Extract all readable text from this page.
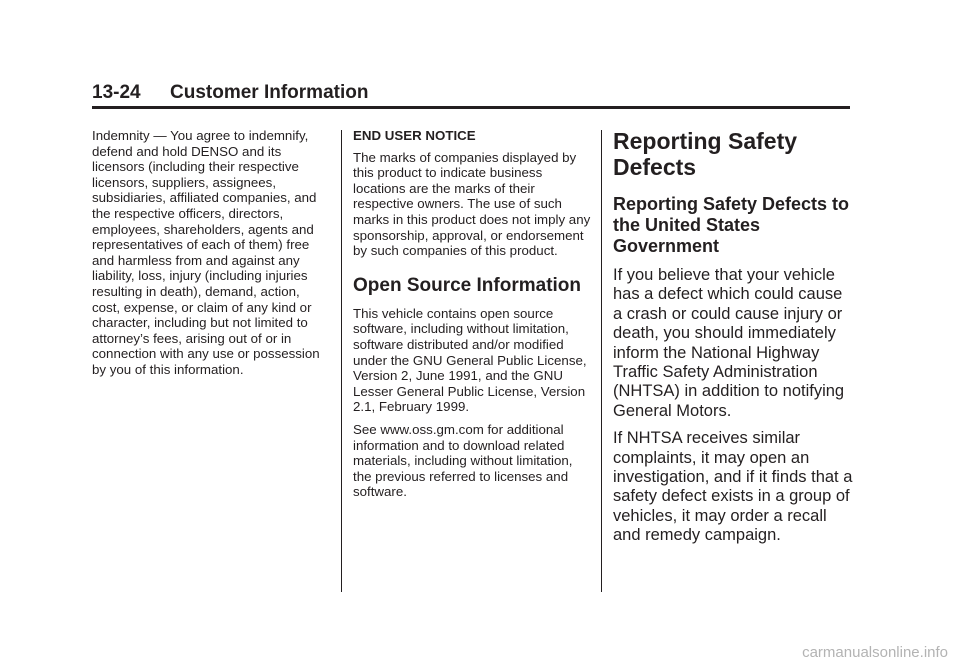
13-24 Customer Information

Indemnity — You agree to indemnify, defend and hold DENSO and its licensors (including their respective licensors, suppliers, assignees, subsidiaries, affiliated companies, and the respective officers, directors, employees, shareholders, agents and representatives of each of them) free and harmless from and against any liability, loss, injury (including injuries resulting in death), demand, action, cost, expense, or claim of any kind or character, including but not limited to attorney’s fees, arising out of or in connection with any use or possession by you of this information.

END USER NOTICE

The marks of companies displayed by this product to indicate business locations are the marks of their respective owners. The use of such marks in this product does not imply any sponsorship, approval, or endorsement by such companies of this product.

Open Source Information

This vehicle contains open source software, including without limitation, software distributed and/or modified under the GNU General Public License, Version 2, June 1991, and the GNU Lesser General Public License, Version 2.1, February 1999.

See www.oss.gm.com for additional information and to download related materials, including without limitation, the previous referred to licenses and software.

Reporting Safety Defects
Reporting Safety Defects to the United States Government

If you believe that your vehicle has a defect which could cause a crash or could cause injury or death, you should immediately inform the National Highway Traffic Safety Administration (NHTSA) in addition to notifying General Motors.

If NHTSA receives similar complaints, it may open an investigation, and if it finds that a safety defect exists in a group of vehicles, it may order a recall and remedy campaign.

carmanualsonline.info
